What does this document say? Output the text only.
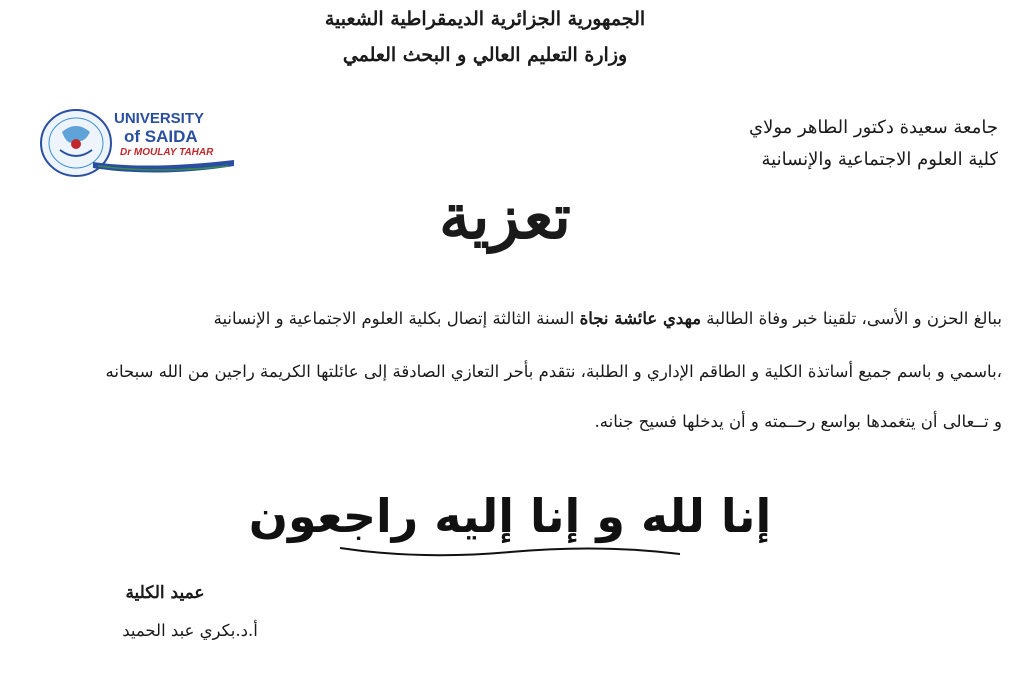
الجمهورية الجزائرية الديمقراطية الشعبية
وزارة التعليم العالي و البحث العلمي
UNIVERSITY
of SAIDA
Dr MOULAY TAHAR
جامعة سعيدة دكتور الطاهر مولاي
كلية العلوم الاجتماعية والإنسانية
تعزية
ببالغ الحزن و الأسى، تلقينا خبر وفاة الطالبة مهدي عائشة نجاة السنة الثالثة إتصال بكلية العلوم الاجتماعية و الإنسانية
،باسمي و باسم جميع أساتذة الكلية و الطاقم الإداري و الطلبة، نتقدم بأحر التعازي الصادقة إلى عائلتها الكريمة راجين من الله سبحانه
و تــعالى أن يتغمدها بواسع رحــمته و أن يدخلها فسيح جنانه.
إنا لله و إنا إليه راجعون
عميد الكلية
أ.د.بكري عبد الحميد
